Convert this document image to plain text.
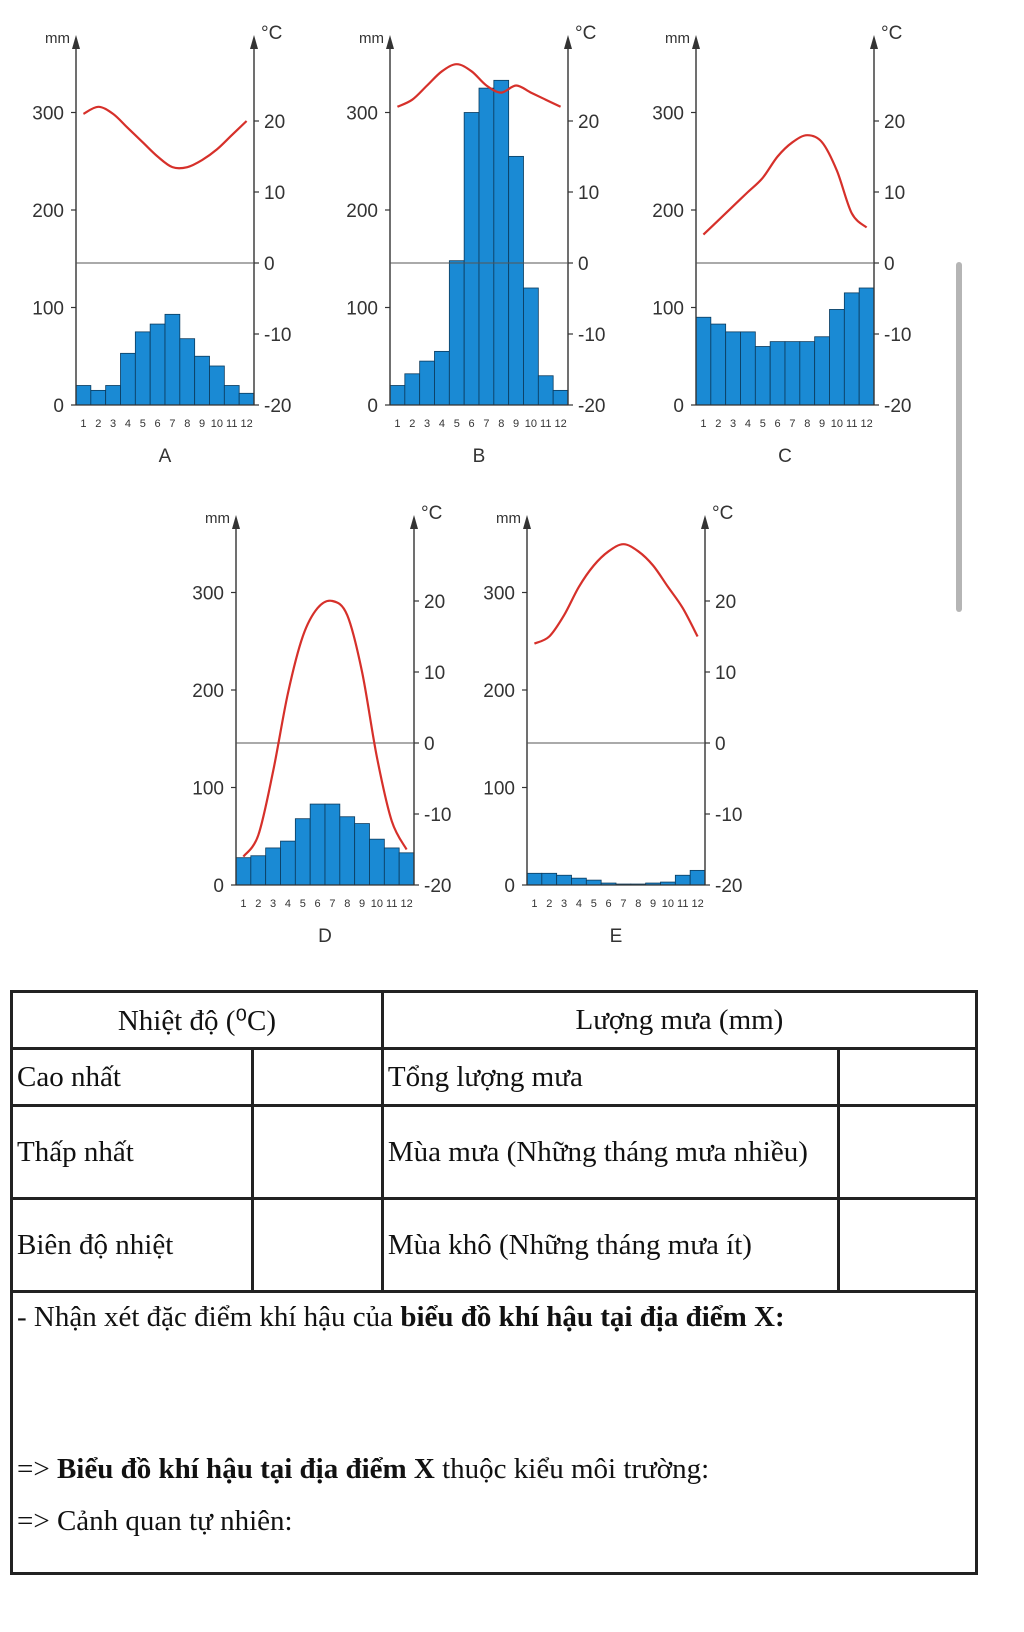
0
100
200
300
-20
-10
0
10
20
mm	°C
1 2 3 4 5 6 7 8 9 10 11 12
A
0
100
200
300
-20
-10
0
10
20
mm	°C
1 2 3 4 5 6 7 8 9 10 11 12
B
0
100
200
300
-20
-10
0
10
20
mm	°C
1 2 3 4 5 6 7 8 9 10 11 12
C
0
100
200
300
-20
-10
0
10
20
mm	°C
1 2 3 4 5 6 7 8 9 10 11 12
D
0
100
200
300
-20
-10
0
10
20
mm	°C
1 2 3 4 5 6 7 8 9 10 11 12
E
Nhiệt độ (⁰C)		Lượng mưa (mm)	
Cao nhất		Tổng lượng mưa	
Thấp nhất		Mùa mưa (Những tháng mưa nhiều)	
Biên độ nhiệt		Mùa khô (Những tháng mưa ít)	

- Nhận xét đặc điểm khí hậu của biểu đồ khí hậu tại địa điểm X:
=> Biểu đồ khí hậu tại địa điểm X thuộc kiểu môi trường:
=> Cảnh quan tự nhiên:			
